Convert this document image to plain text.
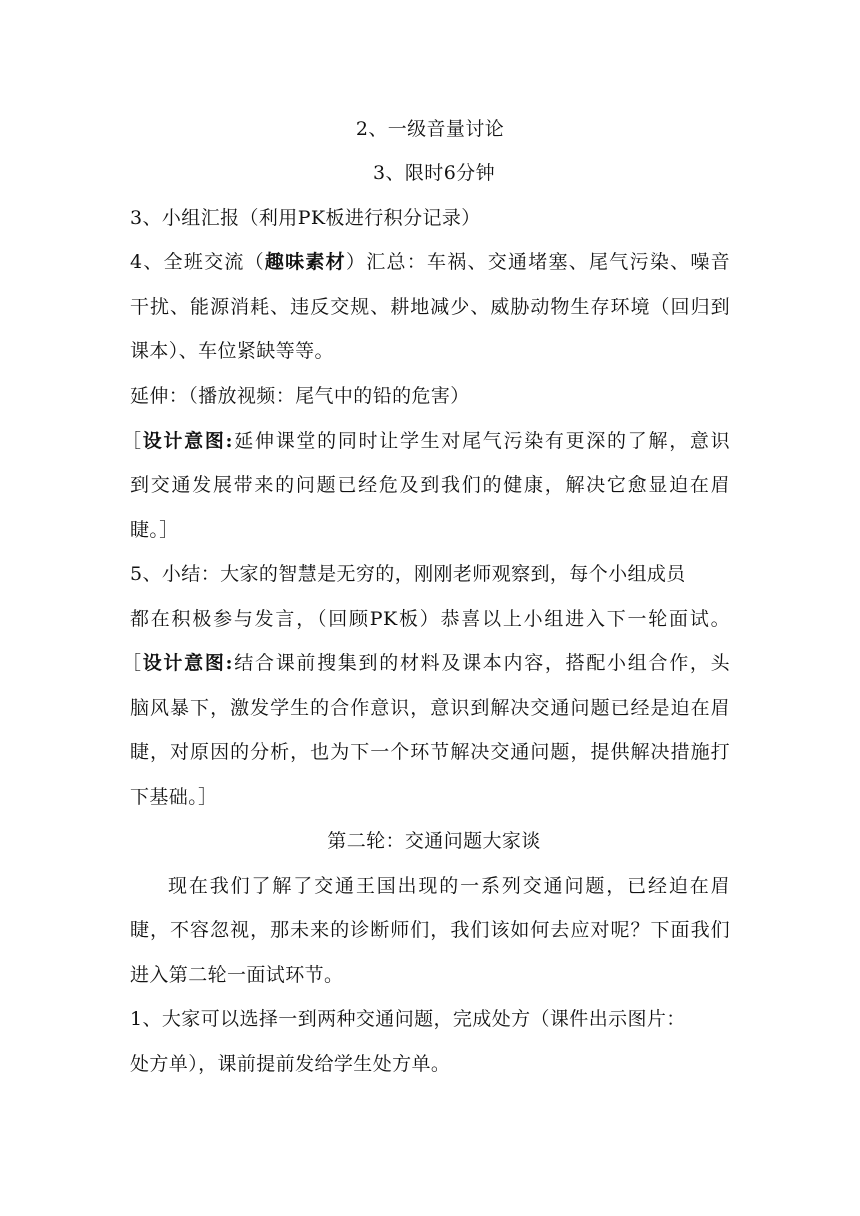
2、一级音量讨论
3、限时6分钟
3、小组汇报（利用PK板进行积分记录）
4、全班交流（趣味素材）汇总：车祸、交通堵塞、尾气污染、噪音
干扰、能源消耗、违反交规、耕地减少、威胁动物生存环境（回归到
课本）、车位紧缺等等。
延伸：（播放视频：尾气中的铅的危害）
［设计意图:延伸课堂的同时让学生对尾气污染有更深的了解，意识
到交通发展带来的问题已经危及到我们的健康，解决它愈显迫在眉
睫。］
5、小结：大家的智慧是无穷的，刚刚老师观察到，每个小组成员
都在积极参与发言，（回顾PK板）恭喜以上小组进入下一轮面试。
［设计意图:结合课前搜集到的材料及课本内容，搭配小组合作，头
脑风暴下，激发学生的合作意识，意识到解决交通问题已经是迫在眉
睫，对原因的分析，也为下一个环节解决交通问题，提供解决措施打
下基础。］
第二轮：交通问题大家谈
现在我们了解了交通王国出现的一系列交通问题，已经迫在眉
睫，不容忽视，那未来的诊断师们，我们该如何去应对呢？下面我们
进入第二轮一面试环节。
1、大家可以选择一到两种交通问题，完成处方（课件出示图片：
处方单），课前提前发给学生处方单。
